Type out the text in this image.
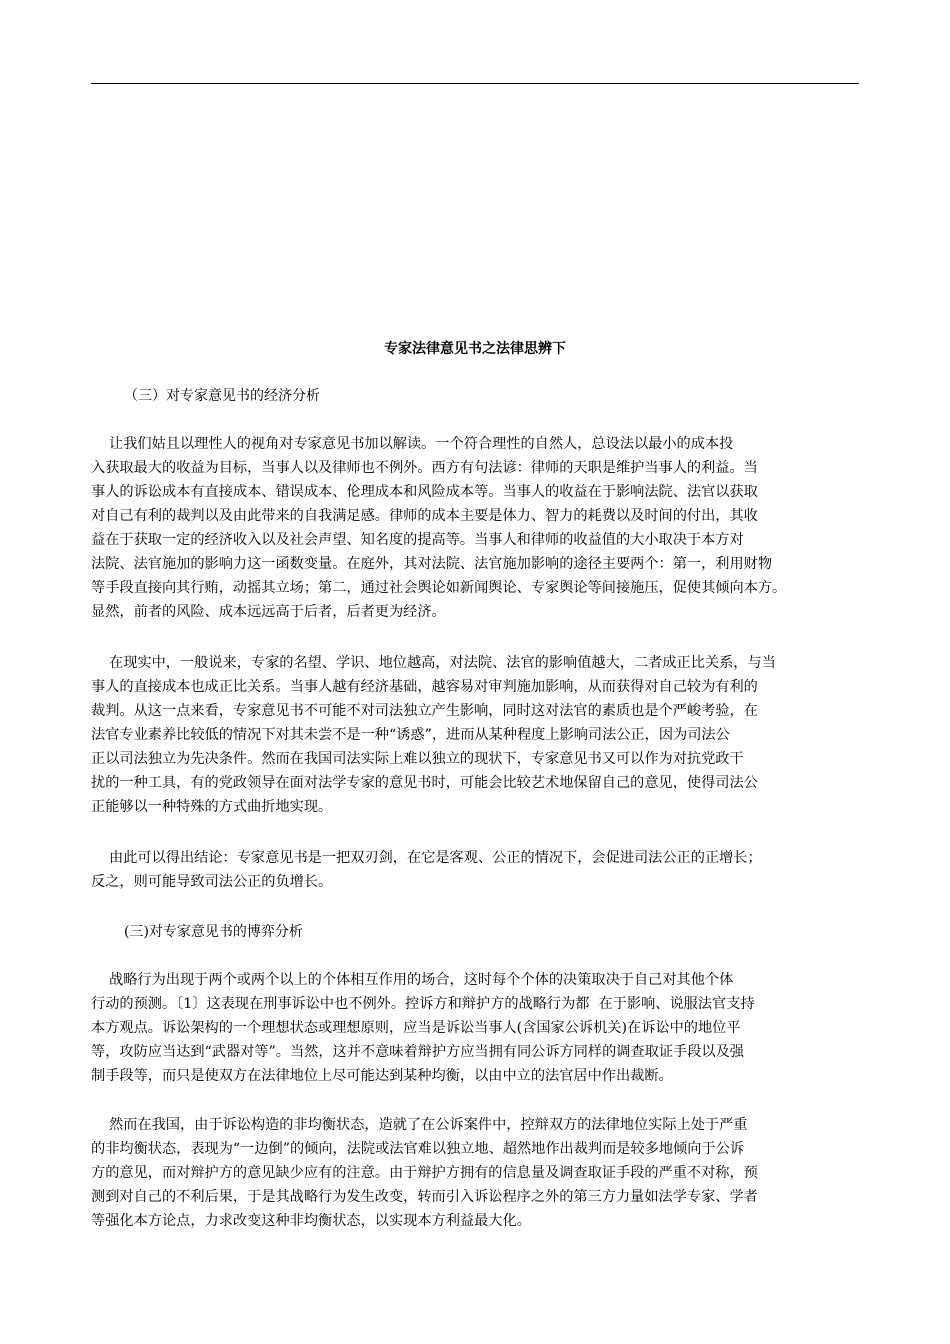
专家法律意见书之法律思辨下
（三）对专家意见书的经济分析
让我们姑且以理性人的视角对专家意见书加以解读。一个符合理性的自然人，总设法以最小的成本投
入获取最大的收益为目标，当事人以及律师也不例外。西方有句法谚：律师的天职是维护当事人的利益。当
事人的诉讼成本有直接成本、错误成本、伦理成本和风险成本等。当事人的收益在于影响法院、法官以获取
对自己有利的裁判以及由此带来的自我满足感。律师的成本主要是体力、智力的耗费以及时间的付出，其收
益在于获取一定的经济收入以及社会声望、知名度的提高等。当事人和律师的收益值的大小取决于本方对
法院、法官施加的影响力这一函数变量。在庭外，其对法院、法官施加影响的途径主要两个：第一，利用财物
等手段直接向其行贿，动摇其立场；第二，通过社会舆论如新闻舆论、专家舆论等间接施压，促使其倾向本方。
显然，前者的风险、成本远远高于后者，后者更为经济。
在现实中，一般说来，专家的名望、学识、地位越高，对法院、法官的影响值越大，二者成正比关系，与当
事人的直接成本也成正比关系。当事人越有经济基础，越容易对审判施加影响，从而获得对自己较为有利的
裁判。从这一点来看，专家意见书不可能不对司法独立产生影响，同时这对法官的素质也是个严峻考验，在
法官专业素养比较低的情况下对其未尝不是一种“诱惑”，进而从某种程度上影响司法公正，因为司法公
正以司法独立为先决条件。然而在我国司法实际上难以独立的现状下，专家意见书又可以作为对抗党政干
扰的一种工具，有的党政领导在面对法学专家的意见书时，可能会比较艺术地保留自己的意见，使得司法公
正能够以一种特殊的方式曲折地实现。
由此可以得出结论：专家意见书是一把双刃剑，在它是客观、公正的情况下，会促进司法公正的正增长；
反之，则可能导致司法公正的负增长。
(三)对专家意见书的博弈分析
战略行为出现于两个或两个以上的个体相互作用的场合，这时每个个体的决策取决于自己对其他个体
行动的预测。〔1〕这表现在刑事诉讼中也不例外。控诉方和辩护方的战略行为都  在于影响、说服法官支持
本方观点。诉讼架构的一个理想状态或理想原则，应当是诉讼当事人(含国家公诉机关)在诉讼中的地位平
等，攻防应当达到“武器对等”。当然，这并不意味着辩护方应当拥有同公诉方同样的调查取证手段以及强
制手段等，而只是使双方在法律地位上尽可能达到某种均衡，以由中立的法官居中作出裁断。
然而在我国，由于诉讼构造的非均衡状态，造就了在公诉案件中，控辩双方的法律地位实际上处于严重
的非均衡状态，表现为“一边倒”的倾向，法院或法官难以独立地、超然地作出裁判而是较多地倾向于公诉
方的意见，而对辩护方的意见缺少应有的注意。由于辩护方拥有的信息量及调查取证手段的严重不对称，预
测到对自己的不利后果，于是其战略行为发生改变，转而引入诉讼程序之外的第三方力量如法学专家、学者
等强化本方论点，力求改变这种非均衡状态，以实现本方利益最大化。
